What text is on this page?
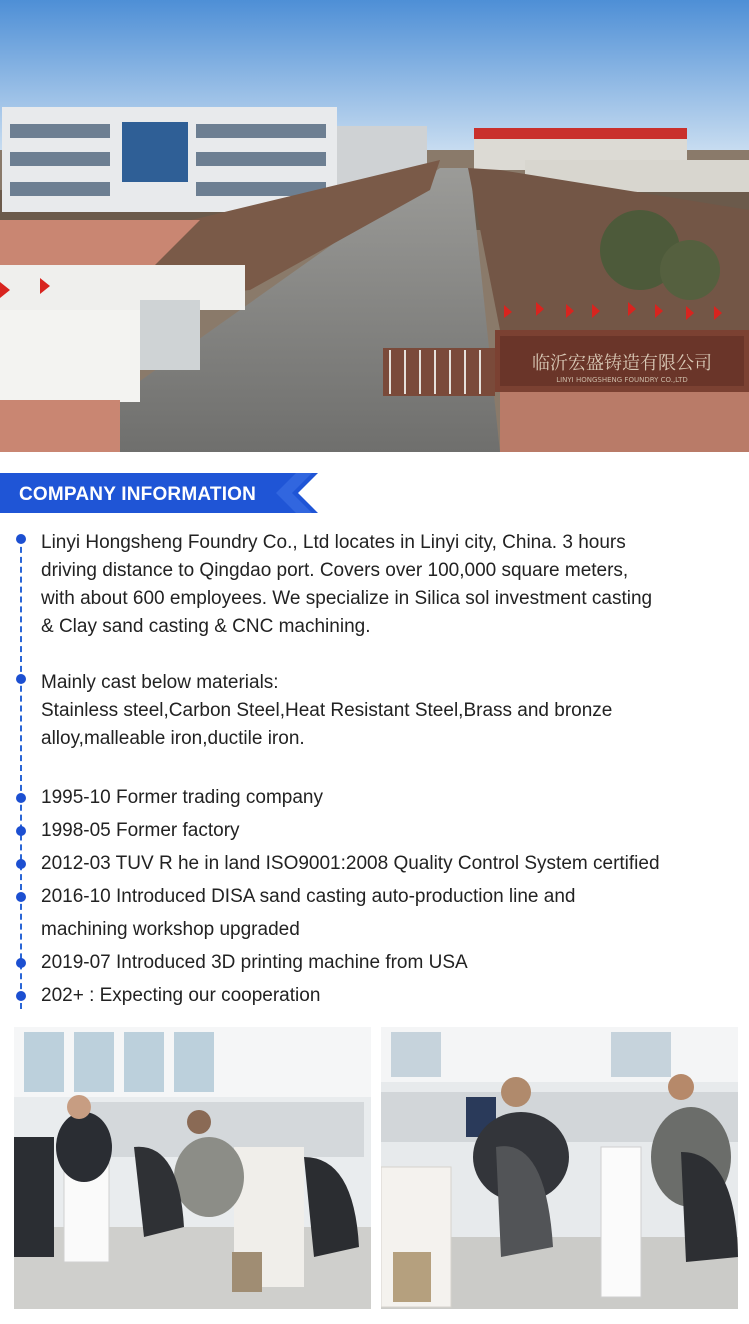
临沂宏盛铸造有限公司
LINYI HONGSHENG FOUNDRY CO.,LTD
COMPANY INFORMATION
Linyi Hongsheng Foundry Co., Ltd locates in Linyi city, China. 3 hours
driving distance to Qingdao port. Covers over 100,000 square meters,
with about 600 employees. We specialize in Silica sol investment casting
& Clay sand casting & CNC machining.
Mainly cast below materials:
Stainless steel,Carbon Steel,Heat Resistant Steel,Brass and bronze
alloy,malleable iron,ductile iron.
1995-10 Former trading company
1998-05 Former factory
2012-03 TUV R he in land ISO9001:2008 Quality Control System certified
2016-10 Introduced DISA sand casting auto-production line and
machining workshop upgraded
2019-07 Introduced 3D printing machine from USA
202+ : Expecting our cooperation
